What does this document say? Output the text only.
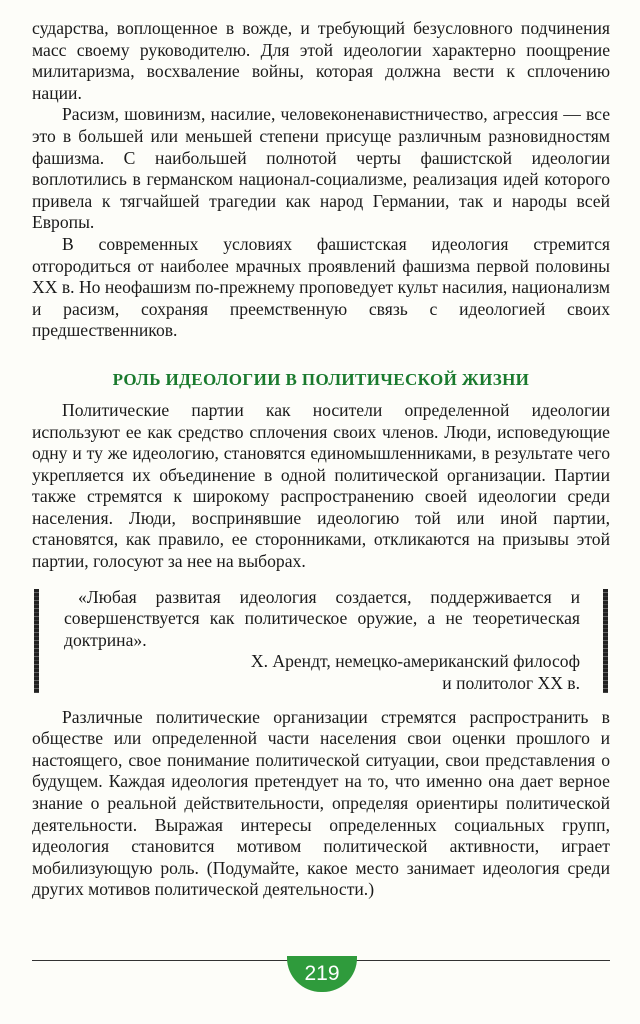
сударства, воплощенное в вожде, и требующий безусловного подчинения масс своему руководителю. Для этой идеологии характерно поощрение милитаризма, восхваление войны, которая должна вести к сплочению нации.

Расизм, шовинизм, насилие, человеконенавистничество, агрессия — все это в большей или меньшей степени присуще различным разновидностям фашизма. С наибольшей полнотой черты фашистской идеологии воплотились в германском национал-социализме, реализация идей которого привела к тягчайшей трагедии как народ Германии, так и народы всей Европы.

В современных условиях фашистская идеология стремится отгородиться от наиболее мрачных проявлений фашизма первой половины XX в. Но неофашизм по-прежнему проповедует культ насилия, национализм и расизм, сохраняя преемственную связь с идеологией своих предшественников.

РОЛЬ ИДЕОЛОГИИ В ПОЛИТИЧЕСКОЙ ЖИЗНИ

Политические партии как носители определенной идеологии используют ее как средство сплочения своих членов. Люди, исповедующие одну и ту же идеологию, становятся единомышленниками, в результате чего укрепляется их объединение в одной политической организации. Партии также стремятся к широкому распространению своей идеологии среди населения. Люди, воспринявшие идеологию той или иной партии, становятся, как правило, ее сторонниками, откликаются на призывы этой партии, голосуют за нее на выборах.

«Любая развитая идеология создается, поддерживается и совершенствуется как политическое оружие, а не теоретическая доктрина».

Х. Арендт, немецко-американский философ

и политолог XX в.

Различные политические организации стремятся распространить в обществе или определенной части населения свои оценки прошлого и настоящего, свое понимание политической ситуации, свои представления о будущем. Каждая идеология претендует на то, что именно она дает верное знание о реальной действительности, определяя ориентиры политической деятельности. Выражая интересы определенных социальных групп, идеология становится мотивом политической активности, играет мобилизующую роль. (Подумайте, какое место занимает идеология среди других мотивов политической деятельности.)

219
